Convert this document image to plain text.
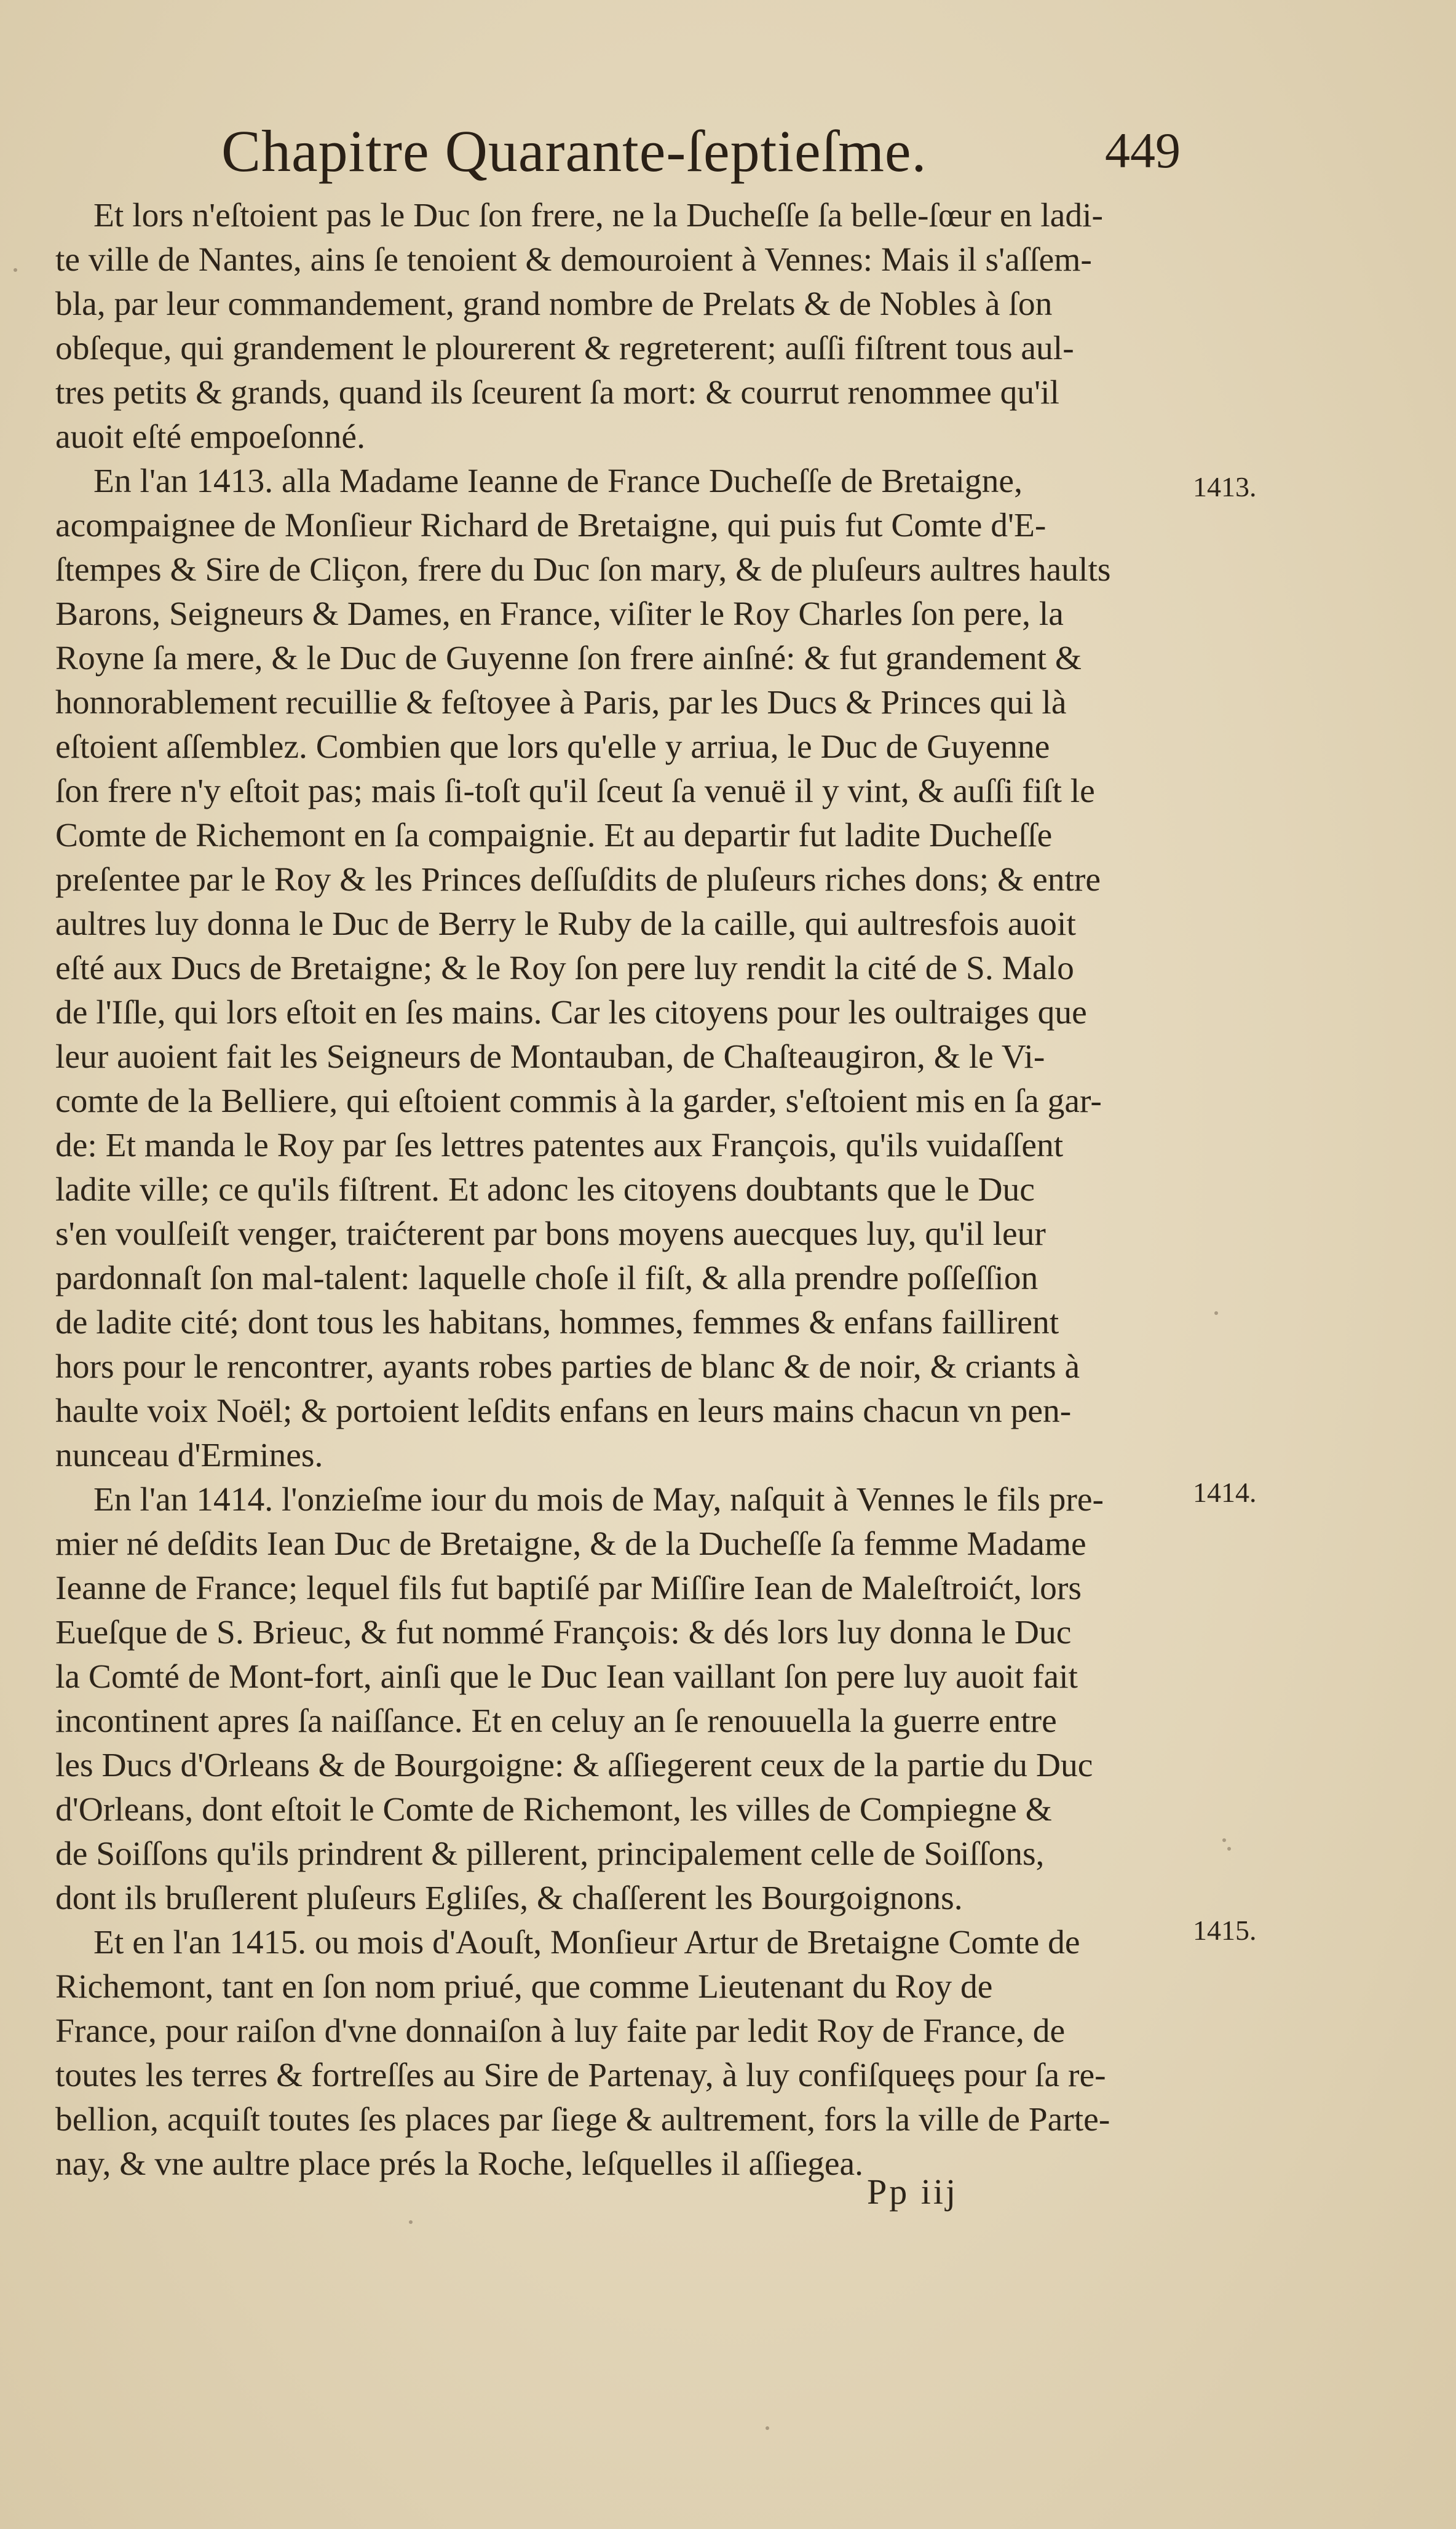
Chapitre Quarante-ſeptieſme.	449
Et lors n'eſtoient pas le Duc ſon frere, ne la Ducheſſe ſa belle-ſœur en ladi-
te ville de Nantes, ains ſe tenoient & demouroient à Vennes: Mais il s'aſſem-
bla, par leur commandement, grand nombre de Prelats & de Nobles à ſon
obſeque, qui grandement le plourerent & regreterent; auſſi fiſtrent tous aul-
tres petits & grands, quand ils ſceurent ſa mort: & courrut renommee qu'il
auoit eſté empoeſonné.
En l'an 1413. alla Madame Ieanne de France Ducheſſe de Bretaigne,
acompaignee de Monſieur Richard de Bretaigne, qui puis fut Comte d'E-
ſtempes & Sire de Cliçon, frere du Duc ſon mary, & de pluſeurs aultres haults
Barons, Seigneurs & Dames, en France, viſiter le Roy Charles ſon pere, la
Royne ſa mere, & le Duc de Guyenne ſon frere ainſné: & fut grandement &
honnorablement recuillie & feſtoyee à Paris, par les Ducs & Princes qui là
eſtoient aſſemblez. Combien que lors qu'elle y arriua, le Duc de Guyenne
ſon frere n'y eſtoit pas; mais ſi-toſt qu'il ſceut ſa venuë il y vint, & auſſi fiſt le
Comte de Richemont en ſa compaignie. Et au departir fut ladite Ducheſſe
preſentee par le Roy & les Princes deſſuſdits de pluſeurs riches dons; & entre
aultres luy donna le Duc de Berry le Ruby de la caille, qui aultresfois auoit
eſté aux Ducs de Bretaigne; & le Roy ſon pere luy rendit la cité de S. Malo
de l'Iſle, qui lors eſtoit en ſes mains. Car les citoyens pour les oultraiges que
leur auoient fait les Seigneurs de Montauban, de Chaſteaugiron, & le Vi-
comte de la Belliere, qui eſtoient commis à la garder, s'eſtoient mis en ſa gar-
de: Et manda le Roy par ſes lettres patentes aux François, qu'ils vuidaſſent
ladite ville; ce qu'ils fiſtrent. Et adonc les citoyens doubtants que le Duc
s'en voulſeiſt venger, traićterent par bons moyens auecques luy, qu'il leur
pardonnaſt ſon mal-talent: laquelle choſe il fiſt, & alla prendre poſſeſſion
de ladite cité; dont tous les habitans, hommes, femmes & enfans faillirent
hors pour le rencontrer, ayants robes parties de blanc & de noir, & criants à
haulte voix Noël; & portoient leſdits enfans en leurs mains chacun vn pen-
nunceau d'Ermines.
En l'an 1414. l'onzieſme iour du mois de May, naſquit à Vennes le fils pre-
mier né deſdits Iean Duc de Bretaigne, & de la Ducheſſe ſa femme Madame
Ieanne de France; lequel fils fut baptiſé par Miſſire Iean de Maleſtroićt, lors
Eueſque de S. Brieuc, & fut nommé François: & dés lors luy donna le Duc
la Comté de Mont-fort, ainſi que le Duc Iean vaillant ſon pere luy auoit fait
incontinent apres ſa naiſſance. Et en celuy an ſe renouuella la guerre entre
les Ducs d'Orleans & de Bourgoigne: & aſſiegerent ceux de la partie du Duc
d'Orleans, dont eſtoit le Comte de Richemont, les villes de Compiegne &
de Soiſſons qu'ils prindrent & pillerent, principalement celle de Soiſſons,
dont ils bruſlerent pluſeurs Egliſes, & chaſſerent les Bourgoignons.
Et en l'an 1415. ou mois d'Aouſt, Monſieur Artur de Bretaigne Comte de
Richemont, tant en ſon nom priué, que comme Lieutenant du Roy de
France, pour raiſon d'vne donnaiſon à luy faite par ledit Roy de France, de
toutes les terres & fortreſſes au Sire de Partenay, à luy confiſqueęs pour ſa re-
bellion, acquiſt toutes ſes places par ſiege & aultrement, fors la ville de Parte-
nay, & vne aultre place prés la Roche, leſquelles il aſſiegea.
1413.
1414.
1415.
Pp iij
